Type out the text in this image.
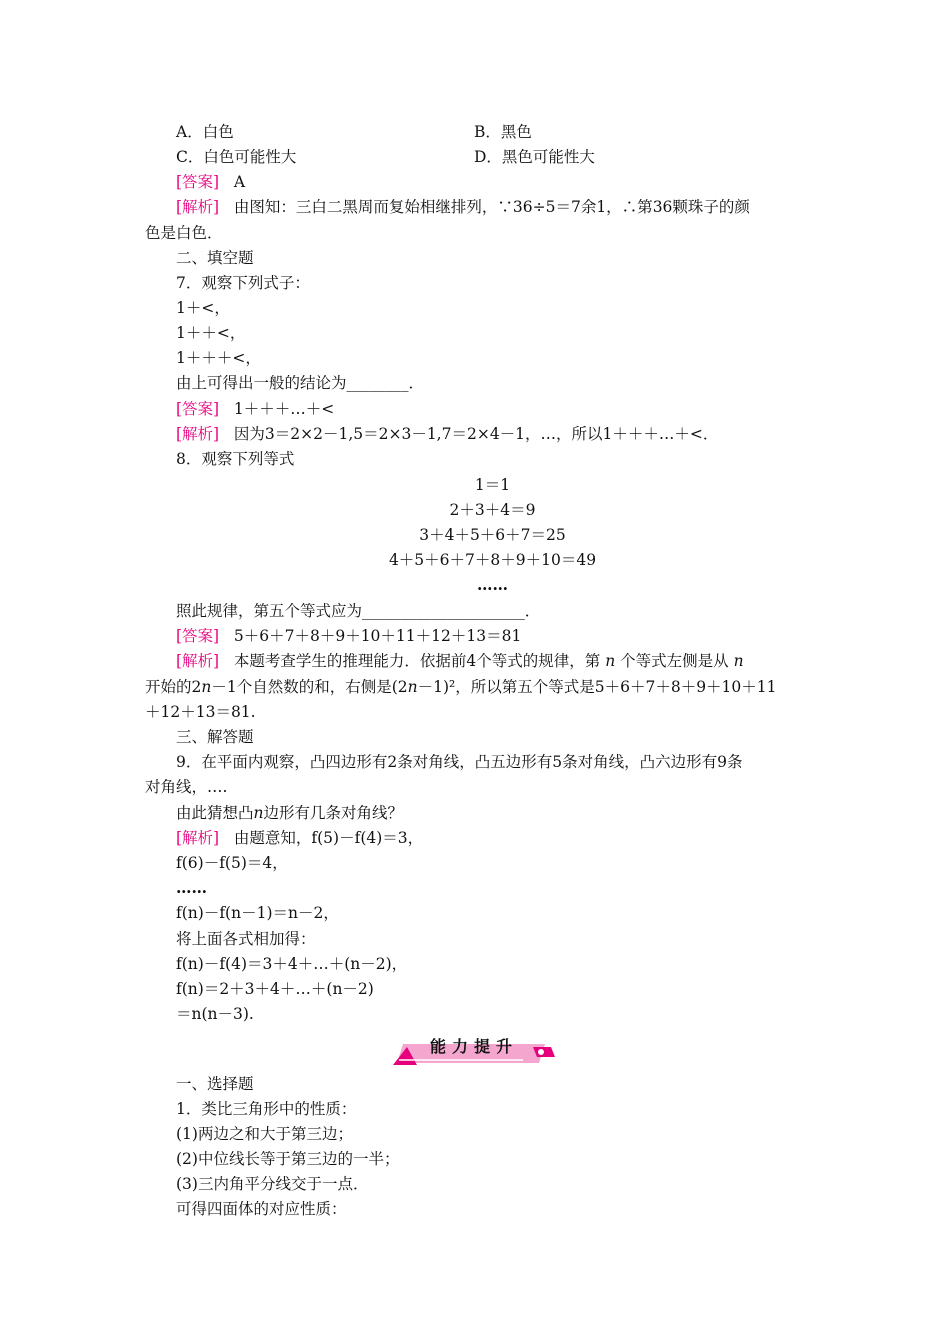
A．白色	B．黑色
C．白色可能性大	D．黑色可能性大
[答案] A
[解析] 由图知：三白二黑周而复始相继排列，∵36÷5＝7余1，∴第36颗珠子的颜
色是白色．
二、填空题
7．观察下列式子：
1＋<，
1＋＋<，
1＋＋＋<，
由上可得出一般的结论为________．
[答案] 1＋＋＋…＋<
[解析] 因为3＝2×2－1,5＝2×3－1,7＝2×4－1，…，所以1＋＋＋…＋<．
8．观察下列等式
1＝1
2＋3＋4＝9
3＋4＋5＋6＋7＝25
4＋5＋6＋7＋8＋9＋10＝49
……
照此规律，第五个等式应为_____________________．
[答案] 5＋6＋7＋8＋9＋10＋11＋12＋13＝81
[解析] 本题考查学生的推理能力．依据前4个等式的规律，第 n 个等式左侧是从 n
开始的2n－1个自然数的和，右侧是(2n－1)²，所以第五个等式是5＋6＋7＋8＋9＋10＋11
＋12＋13＝81.
三、解答题
9．在平面内观察，凸四边形有2条对角线，凸五边形有5条对角线，凸六边形有9条
对角线，….
由此猜想凸n边形有几条对角线？
[解析] 由题意知，f(5)－f(4)＝3，
f(6)－f(5)＝4，
……
f(n)－f(n－1)＝n－2，
将上面各式相加得：
f(n)－f(4)＝3＋4＋…＋(n－2)，
f(n)＝2＋3＋4＋…＋(n－2)
＝n(n－3).
能力提升
一、选择题
1．类比三角形中的性质：
(1)两边之和大于第三边；
(2)中位线长等于第三边的一半；
(3)三内角平分线交于一点．
可得四面体的对应性质：
